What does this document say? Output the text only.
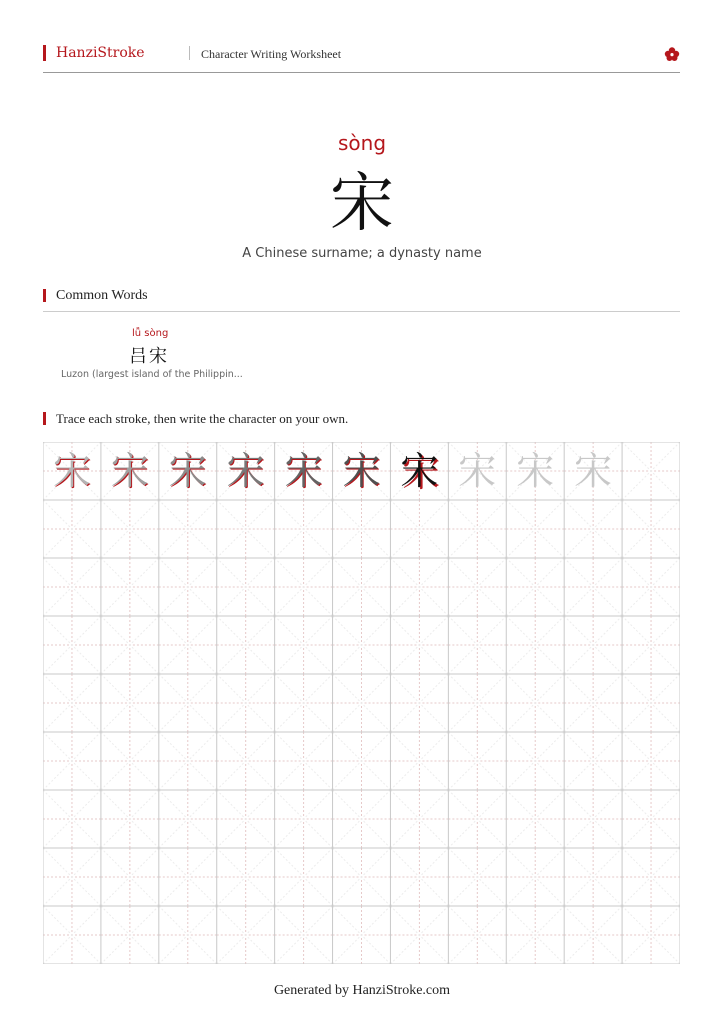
HanziStroke	Character Writing Worksheet
sòng
宋
A Chinese surname; a dynasty name
Common Words
lǚ sòng
吕宋
Luzon (largest island of the Philippin...
Trace each stroke, then write the character on your own.
宋 宋 宋 宋 宋 宋 宋 宋 宋 宋
Generated by HanziStroke.com
